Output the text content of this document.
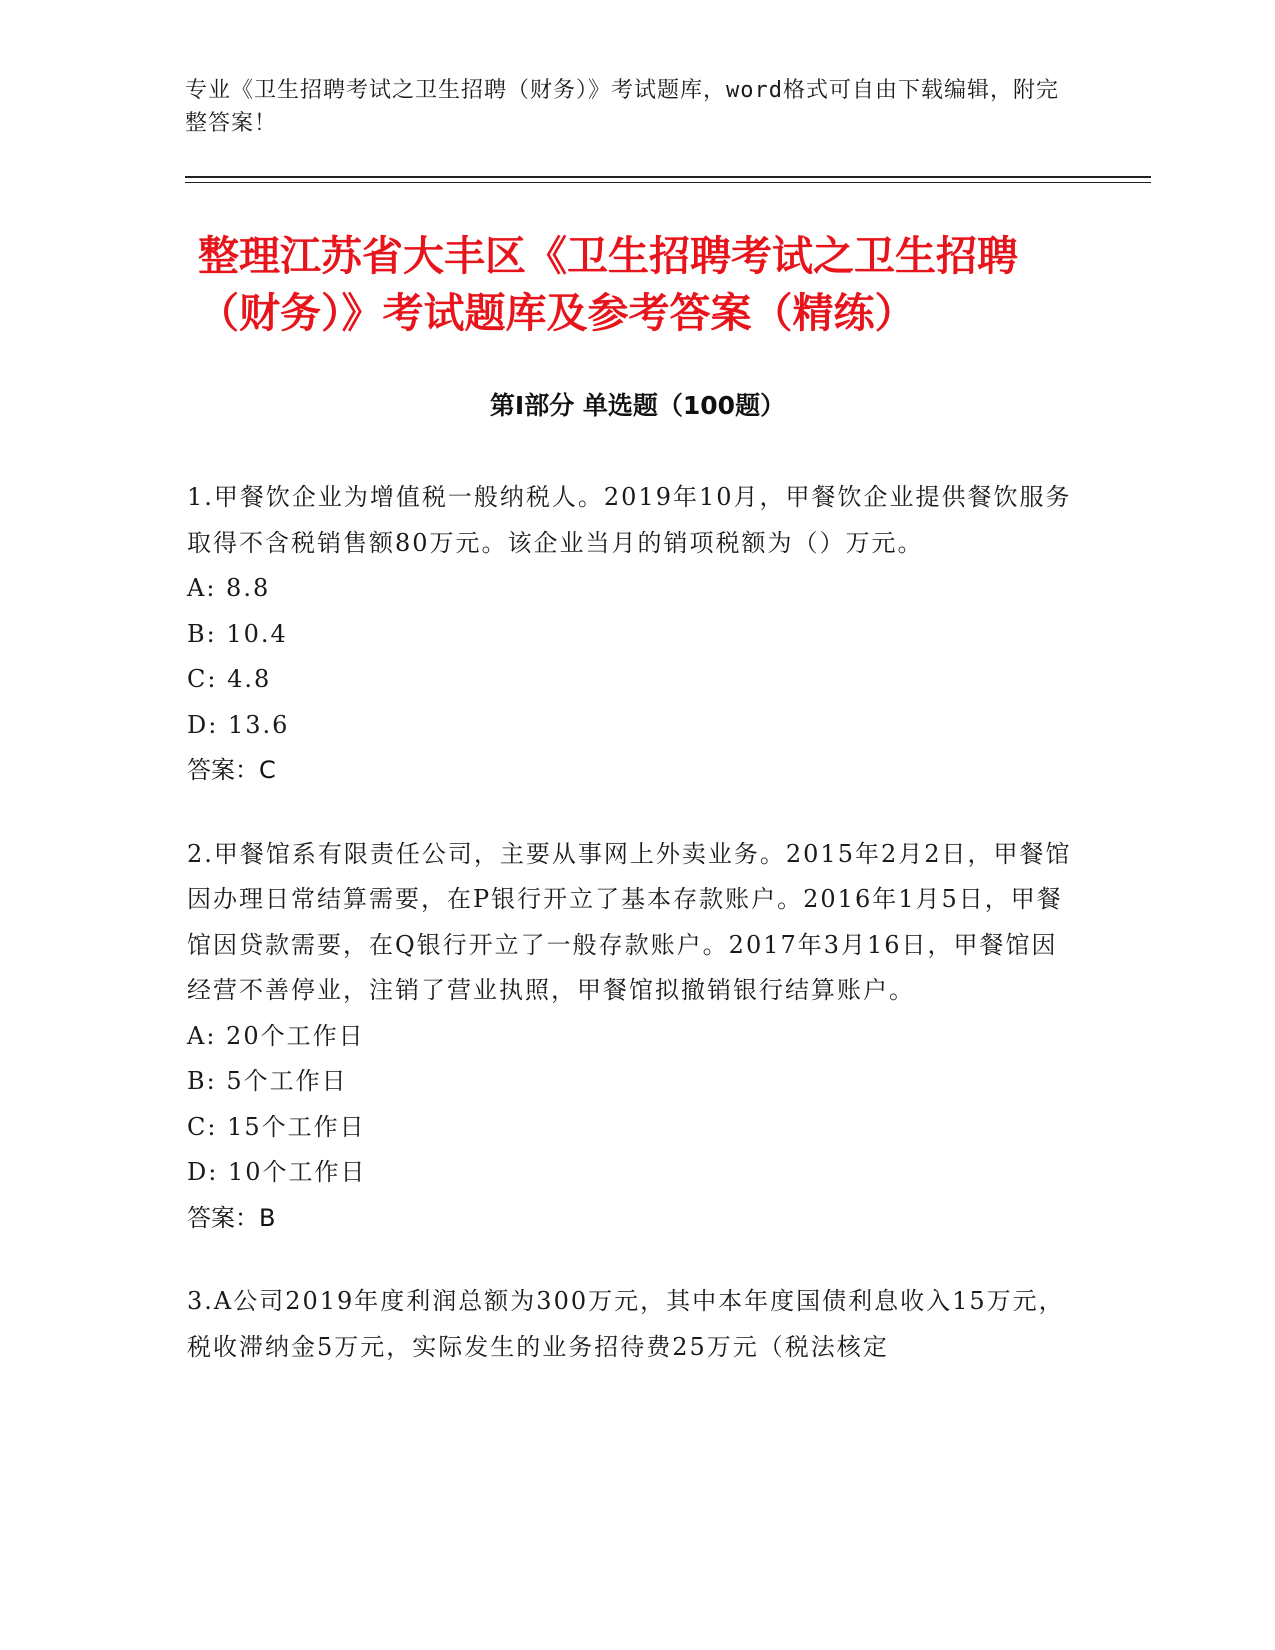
专业《卫生招聘考试之卫生招聘（财务）》考试题库，word格式可自由下载编辑，附完整答案！

整理江苏省大丰区《卫生招聘考试之卫生招聘（财务）》考试题库及参考答案（精练）
第Ⅰ部分 单选题（100题）

1.甲餐饮企业为增值税一般纳税人。2019年10月，甲餐饮企业提供餐饮服务取得不含税销售额80万元。该企业当月的销项税额为（）万元。

A: 8.8

B: 10.4

C: 4.8

D: 13.6

答案：C

2.甲餐馆系有限责任公司，主要从事网上外卖业务。2015年2月2日，甲餐馆因办理日常结算需要，在P银行开立了基本存款账户。2016年1月5日，甲餐馆因贷款需要，在Q银行开立了一般存款账户。2017年3月16日，甲餐馆因经营不善停业，注销了营业执照，甲餐馆拟撤销银行结算账户。

A: 20个工作日

B: 5个工作日

C: 15个工作日

D: 10个工作日

答案：B

3.A公司2019年度利润总额为300万元，其中本年度国债利息收入15万元，税收滞纳金5万元，实际发生的业务招待费25万元（税法核定
